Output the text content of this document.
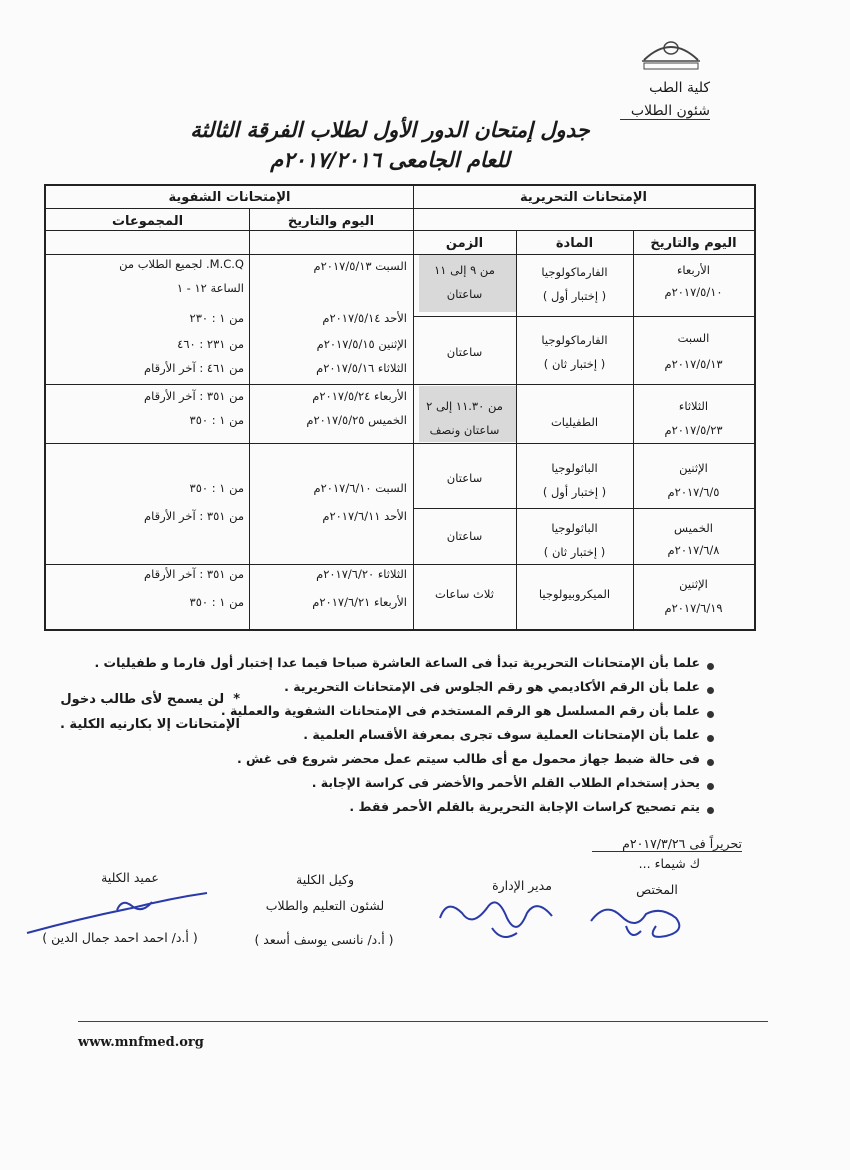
كلية الطب
شئون الطلاب
جدول إمتحان الدور الأول لطلاب الفرقة الثالثة
للعام الجامعى ٢٠١٧/٢٠١٦م
الإمتحانات التحريرية
الإمتحانات الشفوية
اليوم والتاريخ
المادة
الزمن
اليوم والتاريخ
المجموعات
الأربعاء
٢٠١٧/٥/١٠م
السبت
٢٠١٧/٥/١٣م
الثلاثاء
٢٠١٧/٥/٢٣م
الإثنين
٢٠١٧/٦/٥م
الخميس
٢٠١٧/٦/٨م
الإثنين
٢٠١٧/٦/١٩م
الفارماكولوجيا
( إختبار أول )
الفارماكولوجيا
( إختبار ثان )
الطفيليات
الباثولوجيا
( إختبار أول )
الباثولوجيا
( إختبار ثان )
الميكروبيولوجيا
من ٩ إلى ١١
ساعتان
ساعتان
من ١١.٣٠ إلى ٢
ساعتان ونصف
ساعتان
ساعتان
ثلاث ساعات
السبت ٢٠١٧/٥/١٣م
الأحد ٢٠١٧/٥/١٤م
الإثنين ٢٠١٧/٥/١٥م
الثلاثاء ٢٠١٧/٥/١٦م
الأربعاء ٢٠١٧/٥/٢٤م
الخميس ٢٠١٧/٥/٢٥م
السبت ٢٠١٧/٦/١٠م
الأحد ٢٠١٧/٦/١١م
الثلاثاء ٢٠١٧/٦/٢٠م
الأربعاء ٢٠١٧/٦/٢١م
M.C.Q. لجميع الطلاب من
الساعة ١٢ - ١
من ١ : ٢٣٠
من ٢٣١ : ٤٦٠
من ٤٦١ : آخر الأرقام
من ٣٥١ : آخر الأرقام
من ١ : ٣٥٠
من ١ : ٣٥٠
من ٣٥١ : آخر الأرقام
من ٣٥١ : آخر الأرقام
من ١ : ٣٥٠
علما بأن الإمتحانات التحريرية تبدأ فى الساعة العاشرة صباحا فيما عدا إختبار أول فارما و طفيليات .
علما بأن الرقم الأكاديمي هو رقم الجلوس فى الإمتحانات التحريرية .
علما بأن رقم المسلسل هو الرقم المستخدم فى الإمتحانات الشفوية والعملية .
علما بأن الإمتحانات العملية سوف تجرى بمعرفة الأقسام العلمية .
فى حالة ضبط جهاز محمول مع أى طالب سيتم عمل محضر شروع فى غش .
يحذر إستخدام الطلاب القلم الأحمر والأخضر فى كراسة الإجابة .
يتم تصحيح كراسات الإجابة التحريرية بالقلم الأحمر فقط .
*  لن يسمح لأى طالب دخول
الإمتحانات إلا بكارنيه الكلية .
تحريراً فى ٢٠١٧/٣/٢٦م
ك شيماء ...
المختص
مدير الإدارة
وكيل الكلية
لشئون التعليم والطلاب
( أ.د/ نانسى يوسف أسعد )
عميد الكلية
( أ.د/ احمد احمد جمال الدين )
www.mnfmed.org
